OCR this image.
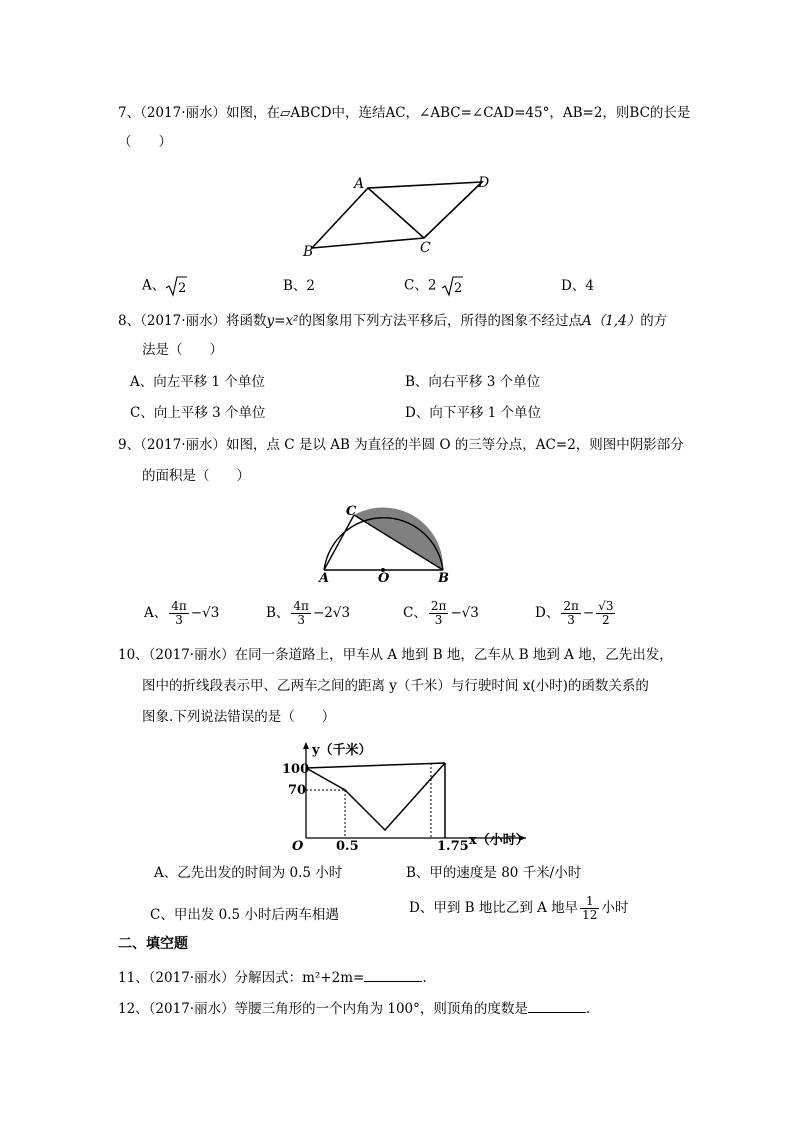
7、（2017·丽水）如图，在▱ABCD中，连结AC，∠ABC=∠CAD=45°，AB=2，则BC的长是
（　　）
A	D
B	C
A、 2	B、2	C、2 2	D、4
8、（2017·丽水）将函数y=x²的图象用下列方法平移后，所得的图象不经过点A（1,4）的方
法是（　　）
A、向左平移 1 个单位	B、向右平移 3 个单位
C、向上平移 3 个单位	D、向下平移 1 个单位
9、（2017·丽水）如图，点 C 是以 AB 为直径的半圆 O 的三等分点，AC=2，则图中阴影部分
的面积是（　　）
C
A	O	B
A、 $\frac{4\pi}{3} -√3$	B、 $\frac{4\pi}{3} -2√3$	C、 $\frac{2\pi}{3} -√3$	D、 $\frac{2\pi}{3} - \frac{√3}{2}$
10、（2017·丽水）在同一条道路上，甲车从 A 地到 B 地，乙车从 B 地到 A 地，乙先出发，
图中的折线段表示甲、乙两车之间的距离 y（千米）与行驶时间 x(小时)的函数关系的
图象.下列说法错误的是（　　）
y（千米）
100
70
O	0.5	1.75 x（小时）
A、乙先出发的时间为 0.5 小时	B、甲的速度是 80 千米/小时
C、甲出发 0.5 小时后两车相遇	D、甲到 B 地比乙到 A 地早 $\frac{1}{12}$ 小时
二、填空题
11、（2017·丽水）分解因式：m²+2m=	.
12、（2017·丽水）等腰三角形的一个内角为 100°，则顶角的度数是	.
